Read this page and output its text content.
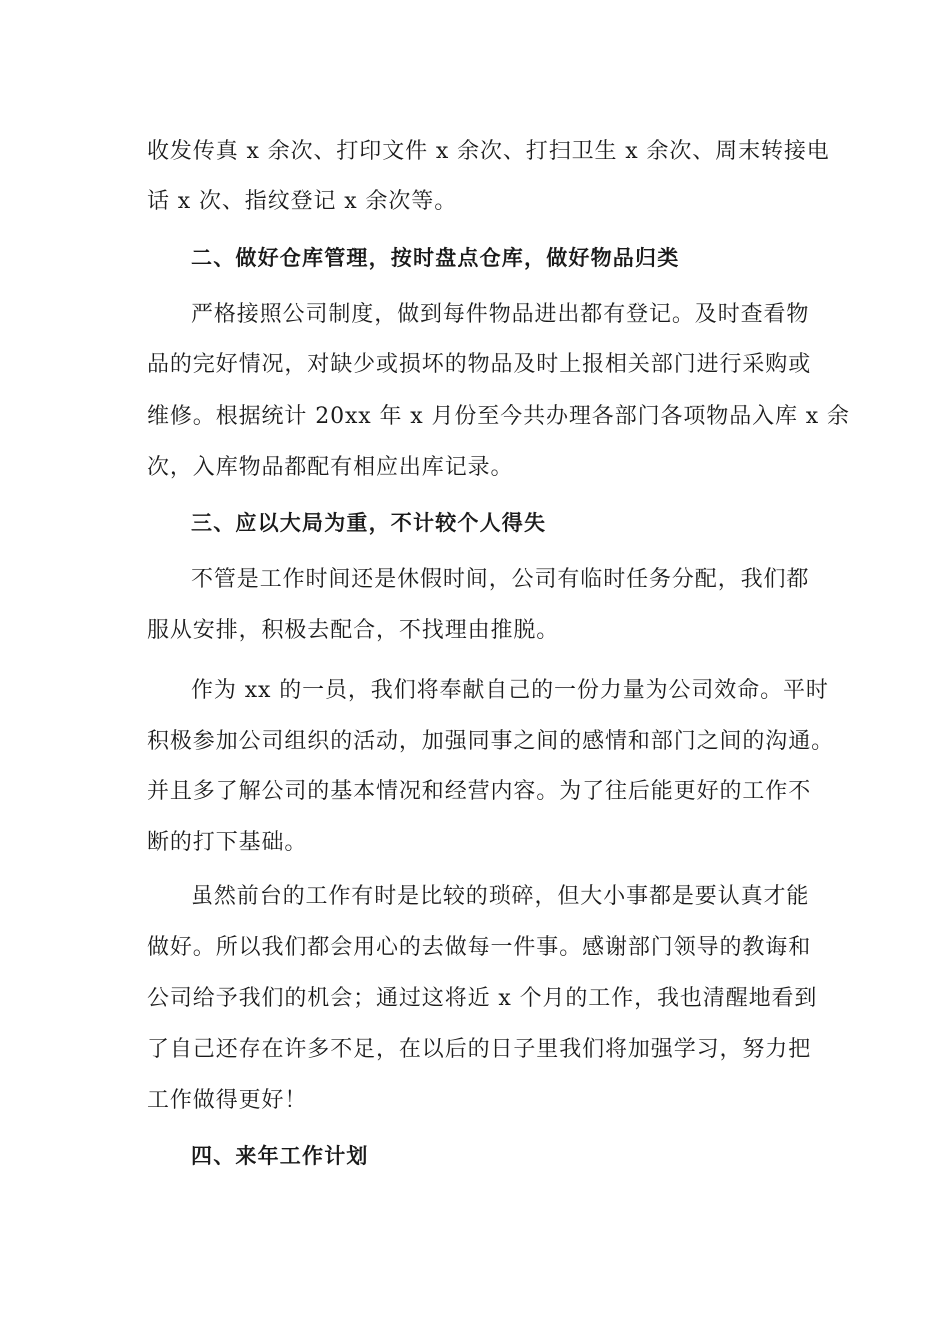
收发传真 x 余次、打印文件 x 余次、打扫卫生 x 余次、周末转接电
话 x 次、指纹登记 x 余次等。
二、做好仓库管理，按时盘点仓库，做好物品归类
严格接照公司制度，做到每件物品进出都有登记。及时查看物
品的完好情况，对缺少或损坏的物品及时上报相关部门进行采购或
维修。根据统计 20xx 年 x 月份至今共办理各部门各项物品入库 x 余
次，入库物品都配有相应出库记录。
三、应以大局为重，不计较个人得失
不管是工作时间还是休假时间，公司有临时任务分配，我们都
服从安排，积极去配合，不找理由推脱。
作为 xx 的一员，我们将奉献自己的一份力量为公司效命。平时
积极参加公司组织的活动，加强同事之间的感情和部门之间的沟通。
并且多了解公司的基本情况和经营内容。为了往后能更好的工作不
断的打下基础。
虽然前台的工作有时是比较的琐碎，但大小事都是要认真才能
做好。所以我们都会用心的去做每一件事。感谢部门领导的教诲和
公司给予我们的机会；通过这将近 x 个月的工作，我也清醒地看到
了自己还存在许多不足，在以后的日子里我们将加强学习，努力把
工作做得更好！
四、来年工作计划
